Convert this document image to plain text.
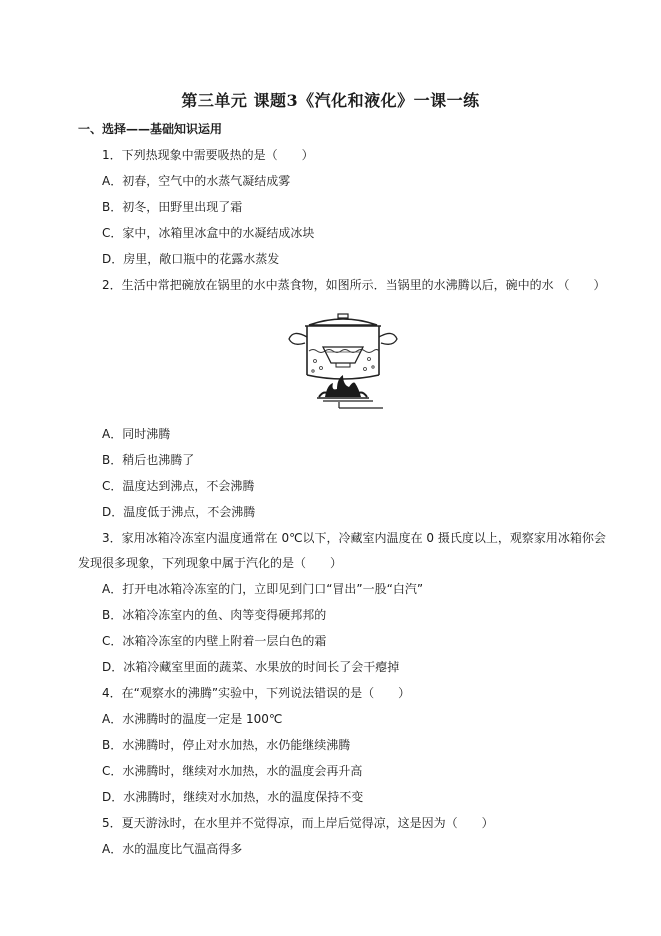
第三单元 课题3《汽化和液化》一课一练
一、选择——基础知识运用
1．下列热现象中需要吸热的是（　　）
A．初春，空气中的水蒸气凝结成雾
B．初冬，田野里出现了霜
C．家中，冰箱里冰盒中的水凝结成冰块
D．房里，敞口瓶中的花露水蒸发
2．生活中常把碗放在锅里的水中蒸食物，如图所示．当锅里的水沸腾以后，碗中的水 （　　）
A．同时沸腾
B．稍后也沸腾了
C．温度达到沸点，不会沸腾
D．温度低于沸点，不会沸腾
3．家用冰箱冷冻室内温度通常在 0℃以下，冷藏室内温度在 0 摄氏度以上，观察家用冰箱你会
发现很多现象，下列现象中属于汽化的是（　　）
A．打开电冰箱冷冻室的门，立即见到门口“冒出”一股“白汽”
B．冰箱冷冻室内的鱼、肉等变得硬邦邦的
C．冰箱冷冻室的内壁上附着一层白色的霜
D．冰箱冷藏室里面的蔬菜、水果放的时间长了会干瘪掉
4．在“观察水的沸腾”实验中，下列说法错误的是（　　）
A．水沸腾时的温度一定是 100℃
B．水沸腾时，停止对水加热，水仍能继续沸腾
C．水沸腾时，继续对水加热，水的温度会再升高
D．水沸腾时，继续对水加热，水的温度保持不变
5．夏天游泳时，在水里并不觉得凉，而上岸后觉得凉，这是因为（　　）
A．水的温度比气温高得多
